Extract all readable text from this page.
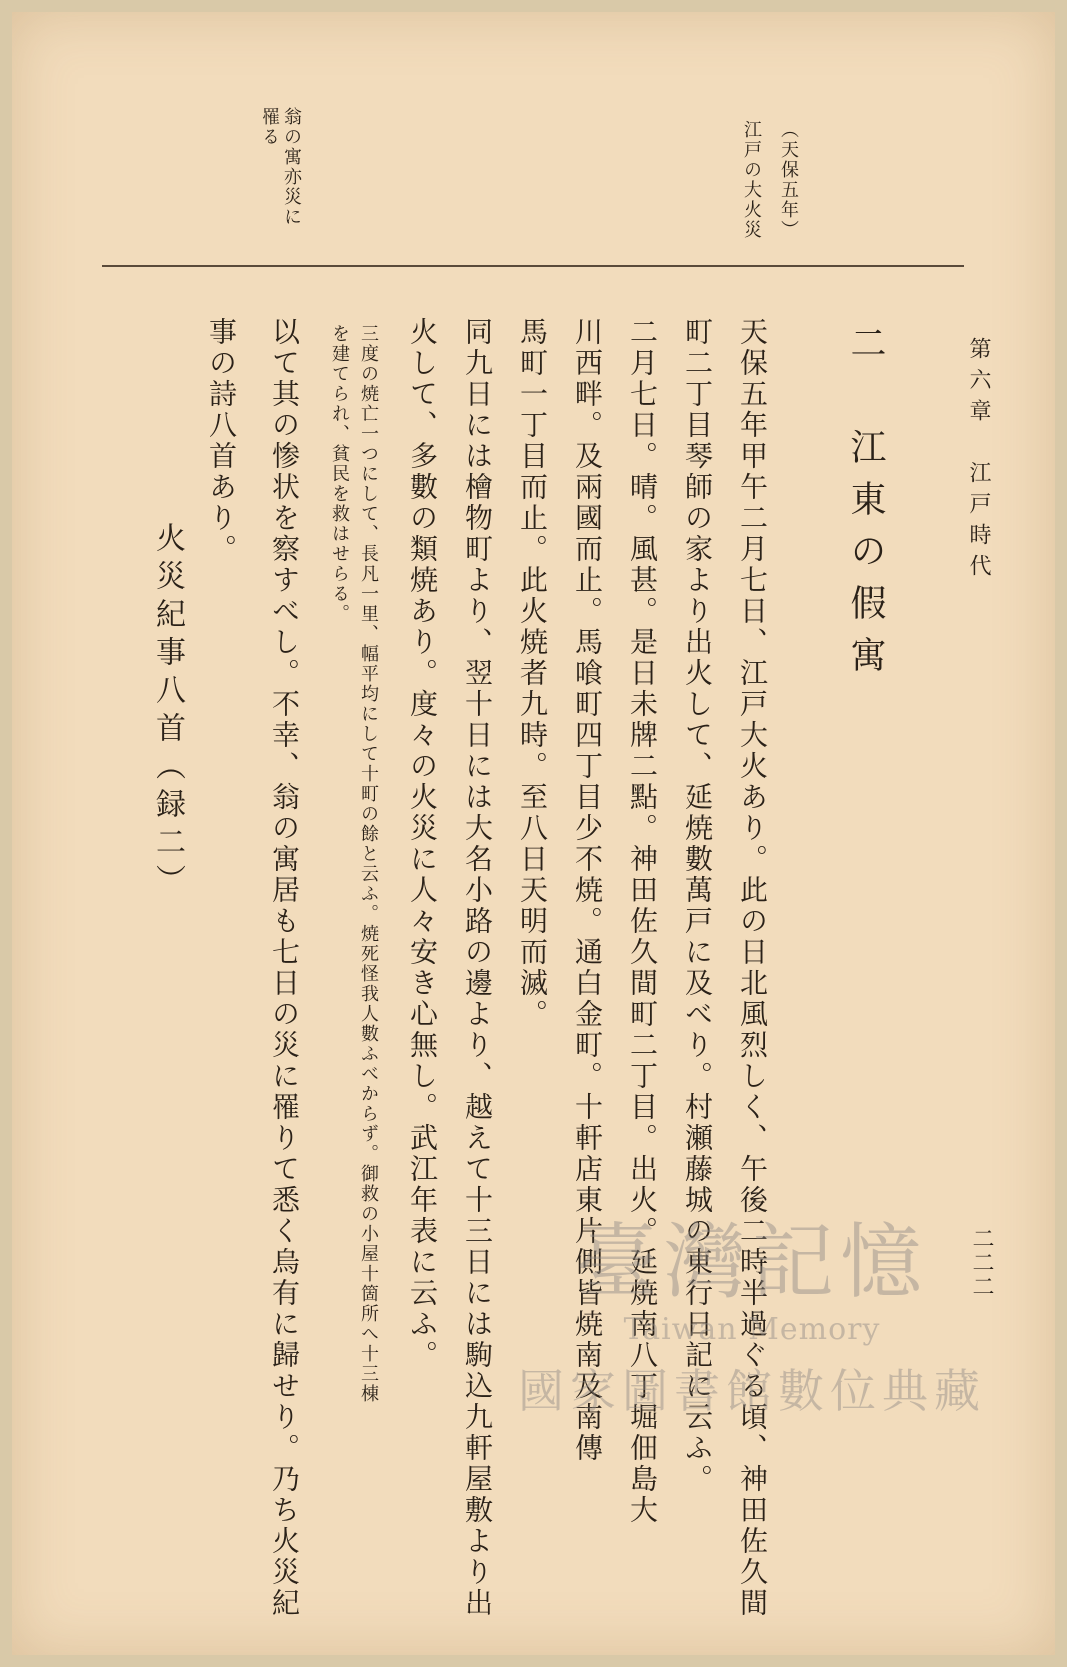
第六章　江戸時代
二二二
（天保五年）
江戸の大火災
翁の寓亦災に
罹る
二　江東の假寓
天保五年甲午二月七日、江戸大火あり。此の日北風烈しく、午後二時半過ぐる頃、神田佐久間
町二丁目琴師の家より出火して、延焼數萬戸に及べり。村瀬藤城の東行日記に云ふ。
二月七日。晴。風甚。是日未牌二點。神田佐久間町二丁目。出火。延焼南八丁堀佃島大
川西畔。及兩國而止。馬喰町四丁目少不焼。通白金町。十軒店東片側皆焼南及南傳
馬町一丁目而止。此火焼者九時。至八日天明而滅。
同九日には檜物町より、翌十日には大名小路の邊より、越えて十三日には駒込九軒屋敷より出
火して、多數の類焼あり。度々の火災に人々安き心無し。武江年表に云ふ。
三度の焼亡一つにして、長凡一里、幅平均にして十町の餘と云ふ。焼死怪我人數ふべからず。御救の小屋十箇所へ十三棟
を建てられ、貧民を救はせらる。
以て其の惨状を察すべし。不幸、翁の寓居も七日の災に罹りて悉く烏有に歸せり。乃ち火災紀
事の詩八首あり。
火災紀事八首（録二）
臺灣記憶
Taiwan Memory
國家圖書館數位典藏
